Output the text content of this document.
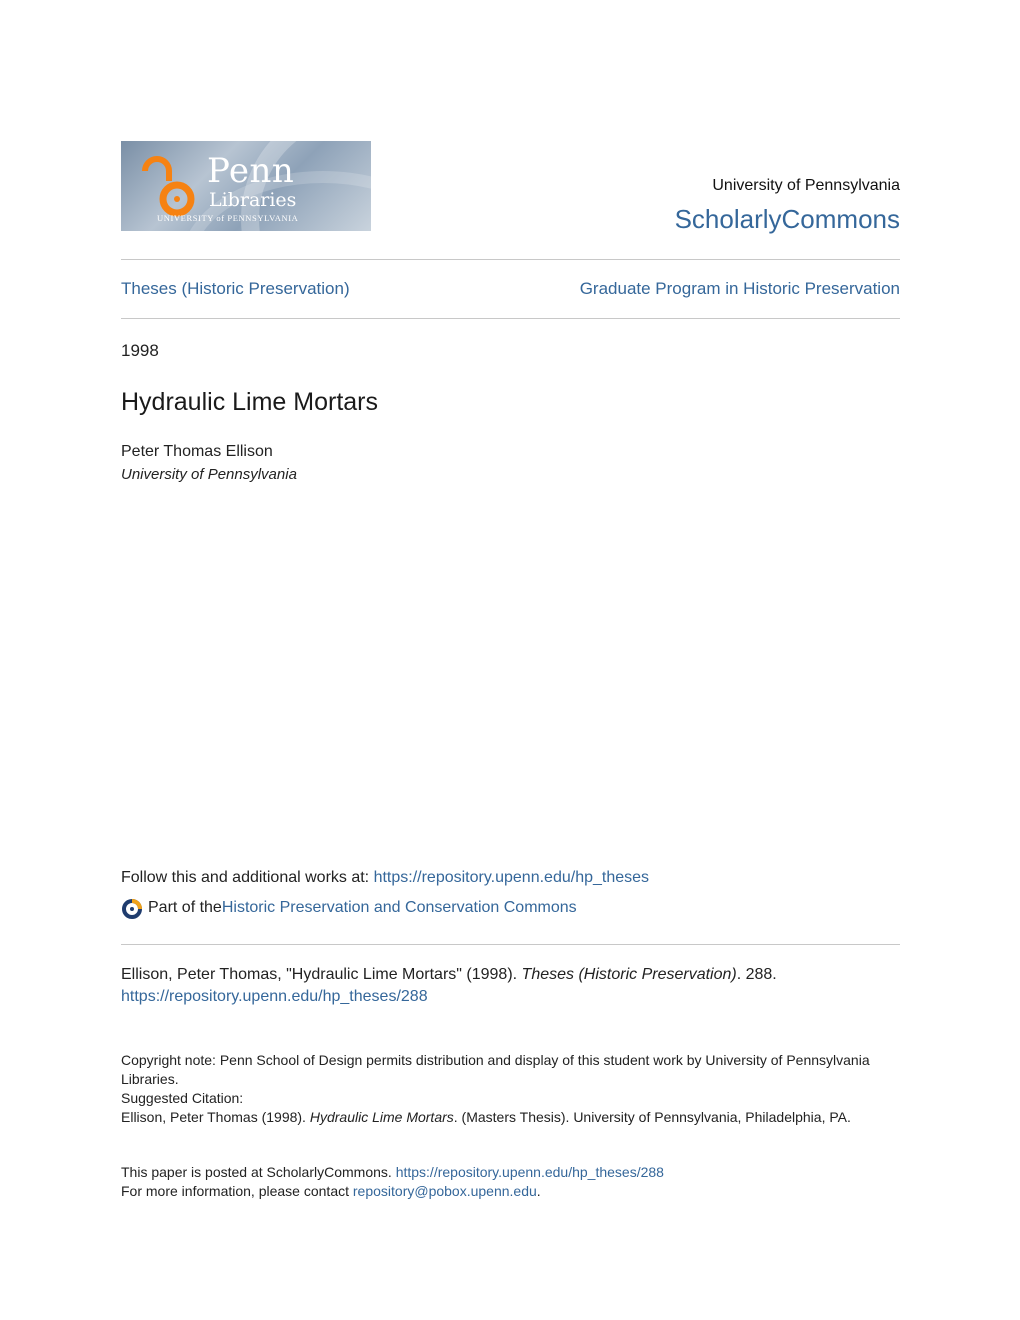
Penn
Libraries
UNIVERSITY of PENNSYLVANIA
University of Pennsylvania
ScholarlyCommons
Theses (Historic Preservation)	Graduate Program in Historic Preservation
1998
Hydraulic Lime Mortars
Peter Thomas Ellison
University of Pennsylvania
Follow this and additional works at: https://repository.upenn.edu/hp_theses
Part of the Historic Preservation and Conservation Commons
Ellison, Peter Thomas, "Hydraulic Lime Mortars" (1998). Theses (Historic Preservation). 288.
https://repository.upenn.edu/hp_theses/288
Copyright note: Penn School of Design permits distribution and display of this student work by University of Pennsylvania Libraries.
Suggested Citation:
Ellison, Peter Thomas (1998). Hydraulic Lime Mortars. (Masters Thesis). University of Pennsylvania, Philadelphia, PA.
This paper is posted at ScholarlyCommons. https://repository.upenn.edu/hp_theses/288
For more information, please contact repository@pobox.upenn.edu.
